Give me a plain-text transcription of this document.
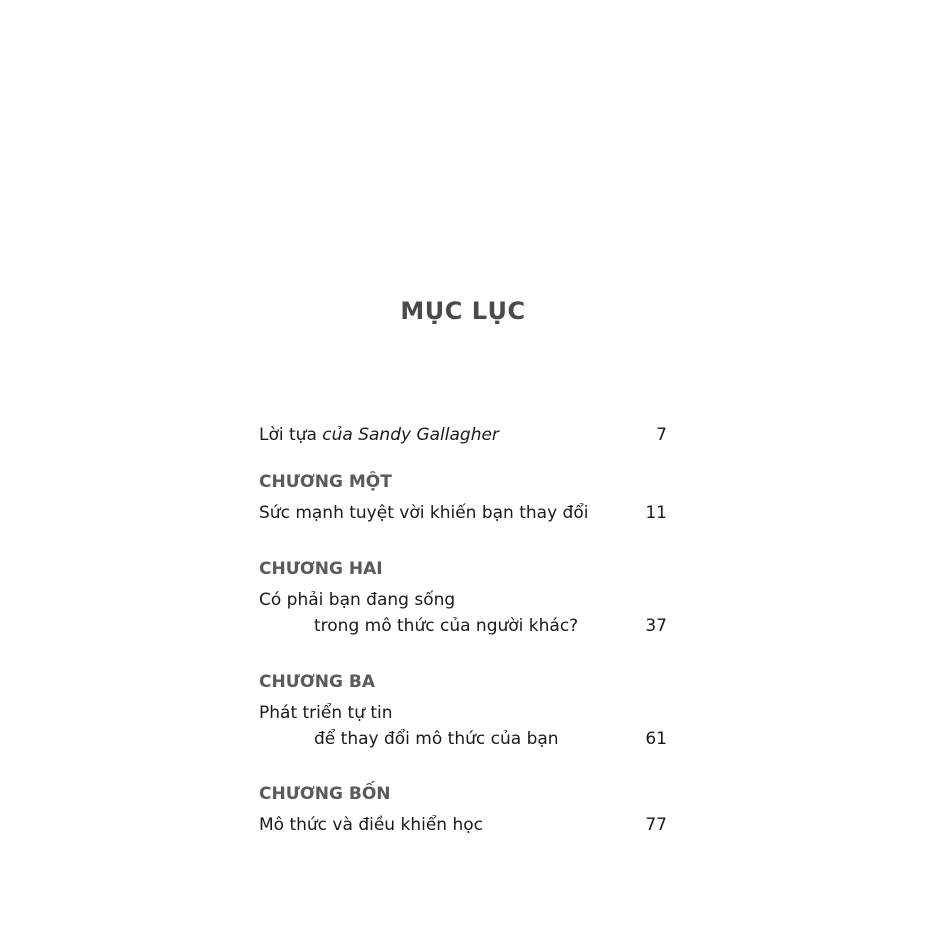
MỤC LỤC
Lời tựa của Sandy Gallagher	7
CHƯƠNG MỘT
Sức mạnh tuyệt vời khiến bạn thay đổi	11
CHƯƠNG HAI
Có phải bạn đang sống
trong mô thức của người khác?	37
CHƯƠNG BA
Phát triển tự tin
để thay đổi mô thức của bạn	61
CHƯƠNG BỐN
Mô thức và điều khiển học	77
